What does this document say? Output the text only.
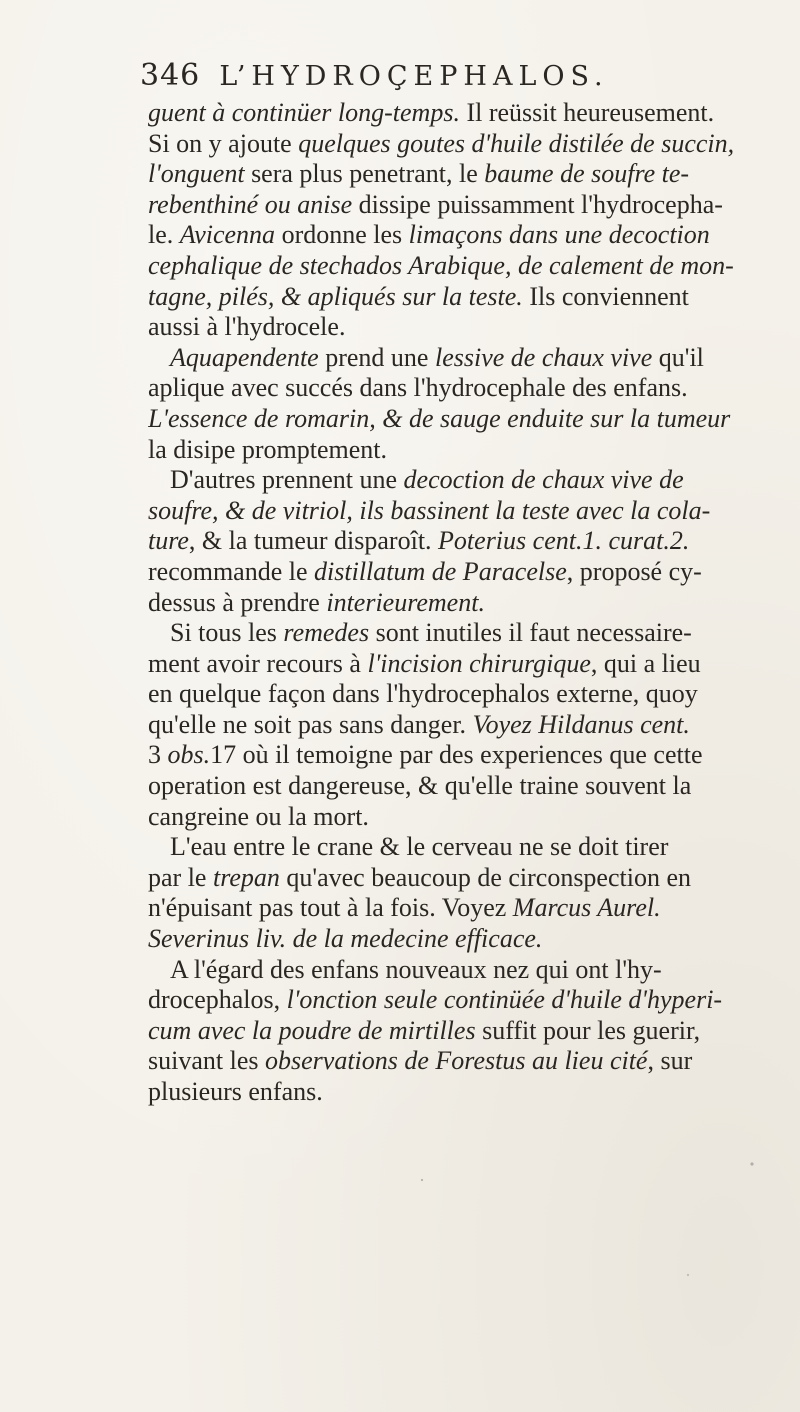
346 L’HYDROÇEPHALOS.
guent à continüer long-temps. Il reüssit heureusement.
Si on y ajoute quelques goutes d'huile distilée de succin,
l'onguent sera plus penetrant, le baume de soufre te-
rebenthiné ou anise dissipe puissamment l'hydrocepha-
le. Avicenna ordonne les limaçons dans une decoction
cephalique de stechados Arabique, de calement de mon-
tagne, pilés, & apliqués sur la teste. Ils conviennent
aussi à l'hydrocele.
Aquapendente prend une lessive de chaux vive qu'il
aplique avec succés dans l'hydrocephale des enfans.
L'essence de romarin, & de sauge enduite sur la tumeur
la disipe promptement.
D'autres prennent une decoction de chaux vive de
soufre, & de vitriol, ils bassinent la teste avec la cola-
ture, & la tumeur disparoît. Poterius cent.1. curat.2.
recommande le distillatum de Paracelse, proposé cy-
dessus à prendre interieurement.
Si tous les remedes sont inutiles il faut necessaire-
ment avoir recours à l'incision chirurgique, qui a lieu
en quelque façon dans l'hydrocephalos externe, quoy
qu'elle ne soit pas sans danger. Voyez Hildanus cent.
3 obs.17 où il temoigne par des experiences que cette
operation est dangereuse, & qu'elle traine souvent la
cangreine ou la mort.
L'eau entre le crane & le cerveau ne se doit tirer
par le trepan qu'avec beaucoup de circonspection en
n'épuisant pas tout à la fois. Voyez Marcus Aurel.
Severinus liv. de la medecine efficace.
A l'égard des enfans nouveaux nez qui ont l'hy-
drocephalos, l'onction seule continüée d'huile d'hyperi-
cum avec la poudre de mirtilles suffit pour les guerir,
suivant les observations de Forestus au lieu cité, sur
plusieurs enfans.
